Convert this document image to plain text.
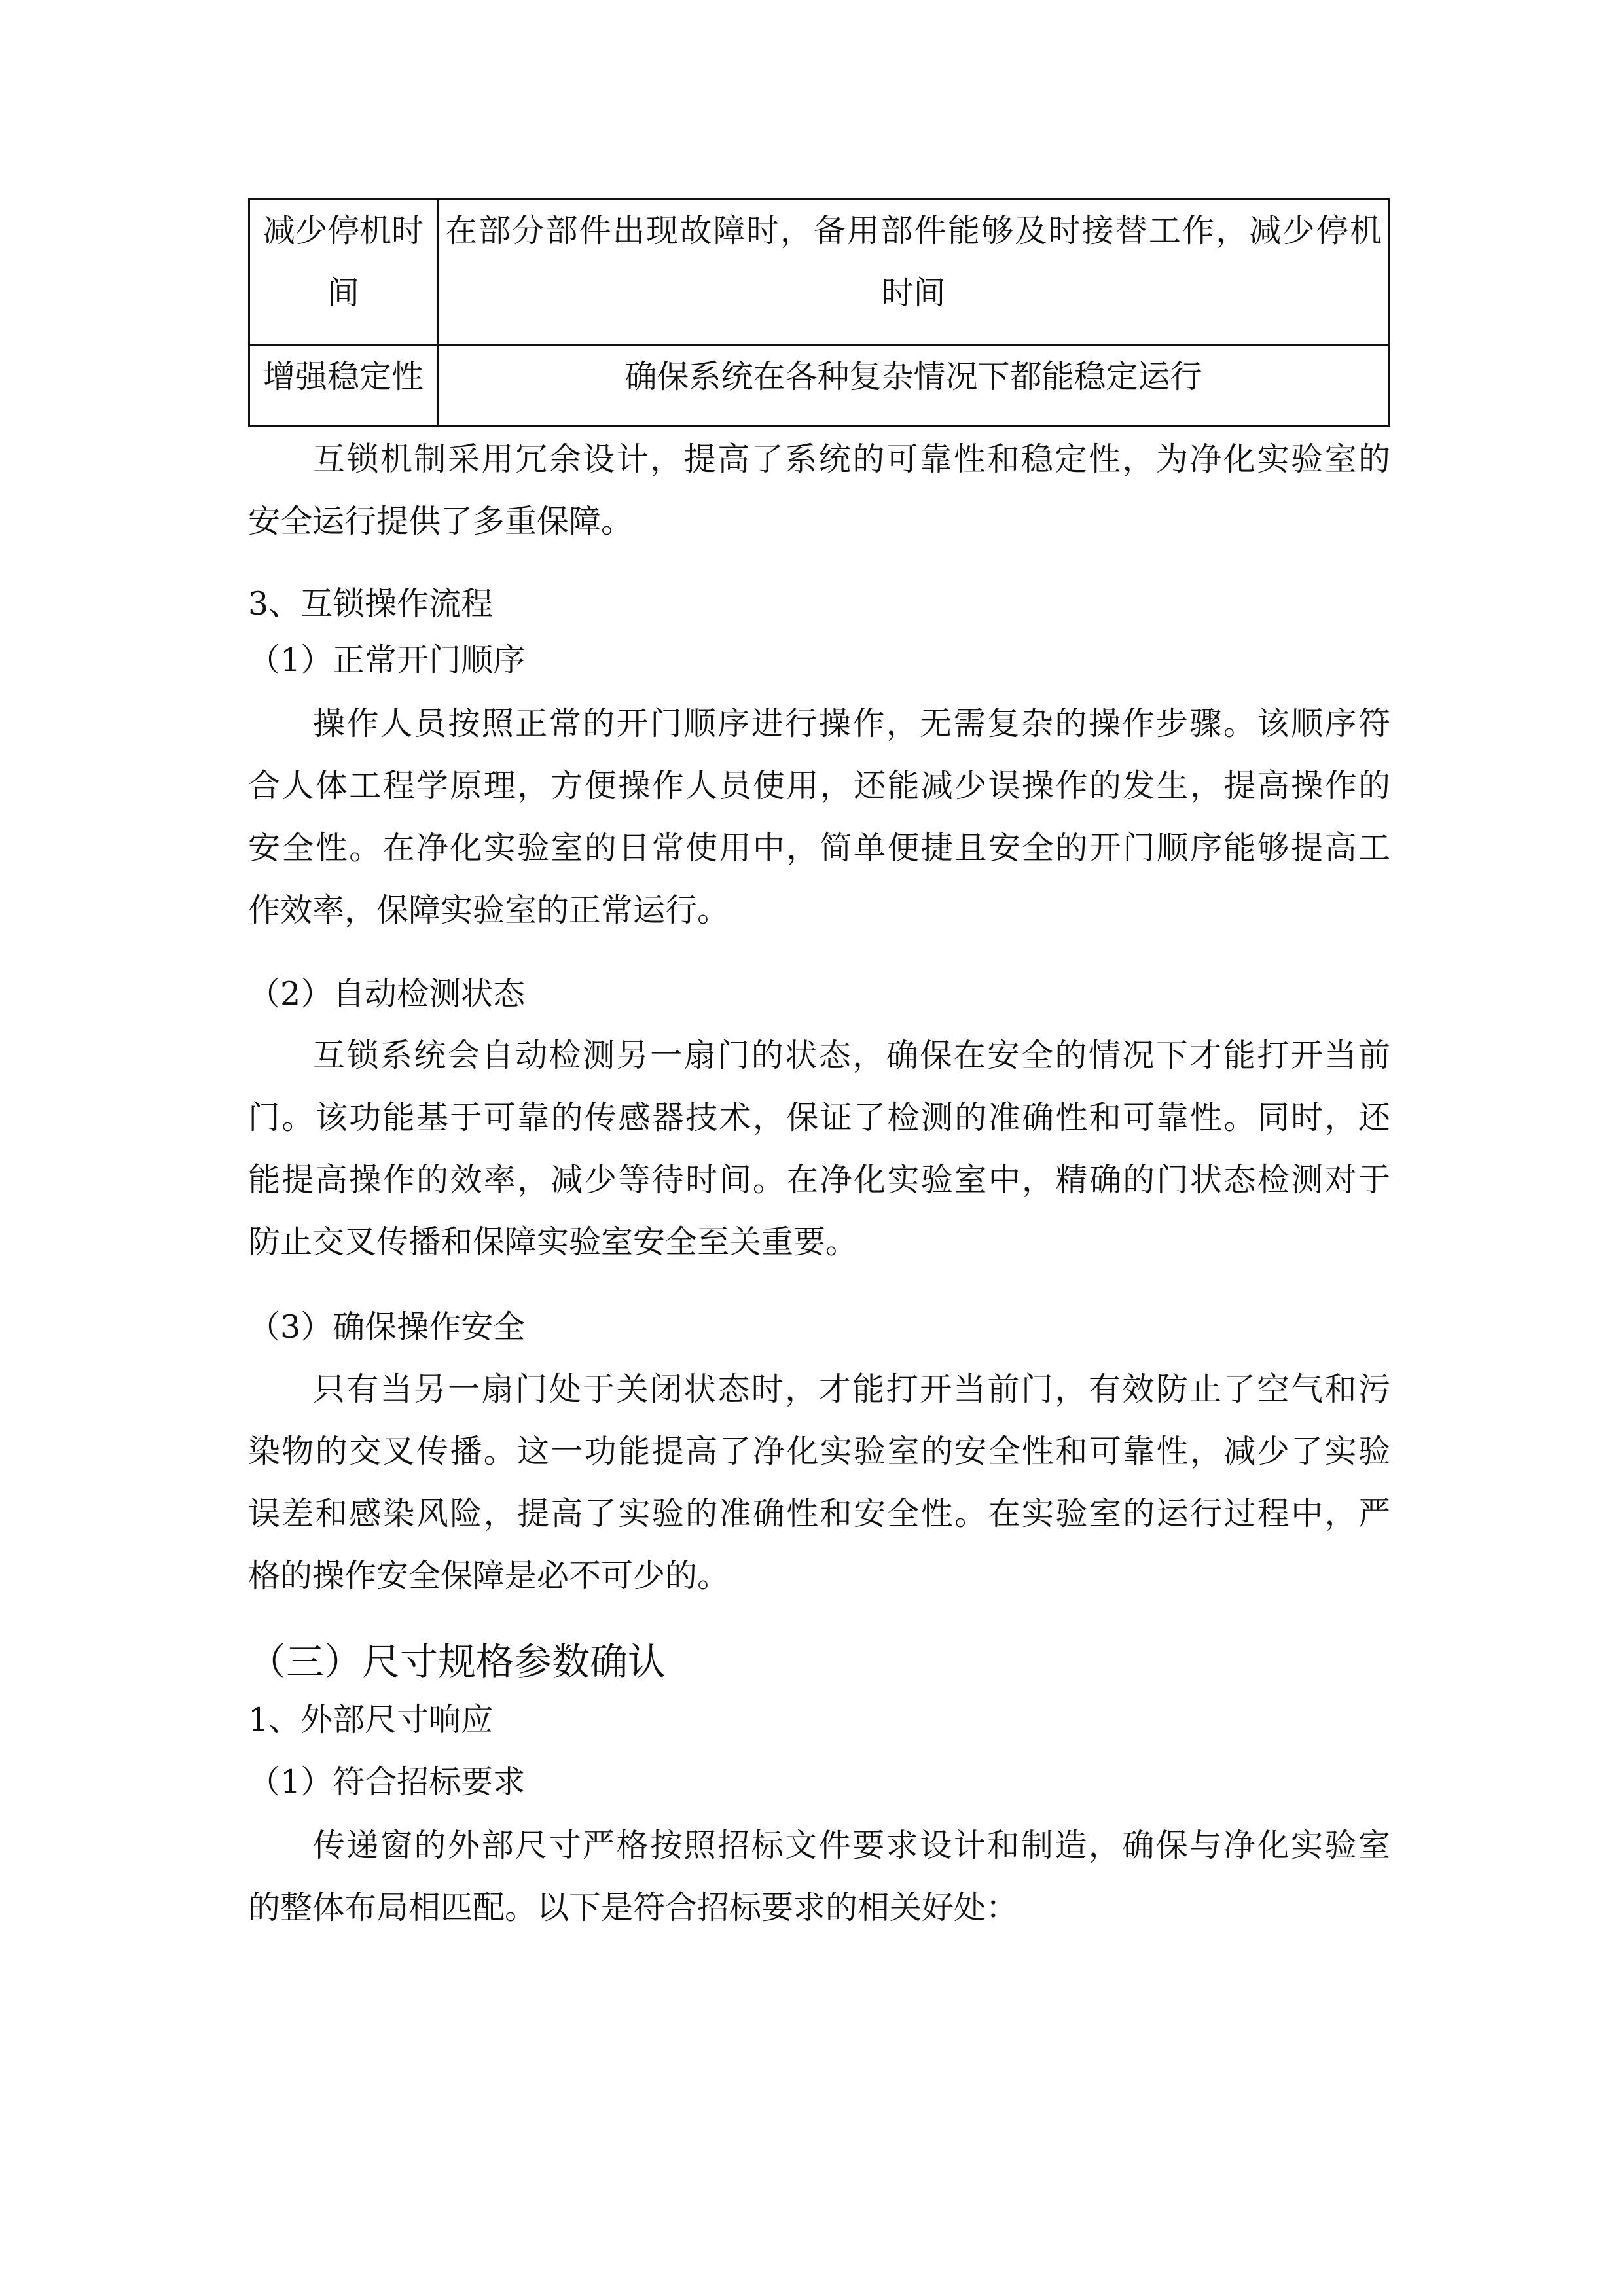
减少停机时
间	在部分部件出现故障时，备用部件能够及时接替工作，减少停机
时间

增强稳定性	确保系统在各种复杂情况下都能稳定运行
互锁机制采用冗余设计，提高了系统的可靠性和稳定性，为净化实验室的
安全运行提供了多重保障。
3、互锁操作流程
（1）正常开门顺序
操作人员按照正常的开门顺序进行操作，无需复杂的操作步骤。该顺序符
合人体工程学原理，方便操作人员使用，还能减少误操作的发生，提高操作的
安全性。在净化实验室的日常使用中，简单便捷且安全的开门顺序能够提高工
作效率，保障实验室的正常运行。
（2）自动检测状态
互锁系统会自动检测另一扇门的状态，确保在安全的情况下才能打开当前
门。该功能基于可靠的传感器技术，保证了检测的准确性和可靠性。同时，还
能提高操作的效率，减少等待时间。在净化实验室中，精确的门状态检测对于
防止交叉传播和保障实验室安全至关重要。
（3）确保操作安全
只有当另一扇门处于关闭状态时，才能打开当前门，有效防止了空气和污
染物的交叉传播。这一功能提高了净化实验室的安全性和可靠性，减少了实验
误差和感染风险，提高了实验的准确性和安全性。在实验室的运行过程中，严
格的操作安全保障是必不可少的。
（三）尺寸规格参数确认
1、外部尺寸响应
（1）符合招标要求
传递窗的外部尺寸严格按照招标文件要求设计和制造，确保与净化实验室
的整体布局相匹配。以下是符合招标要求的相关好处：
